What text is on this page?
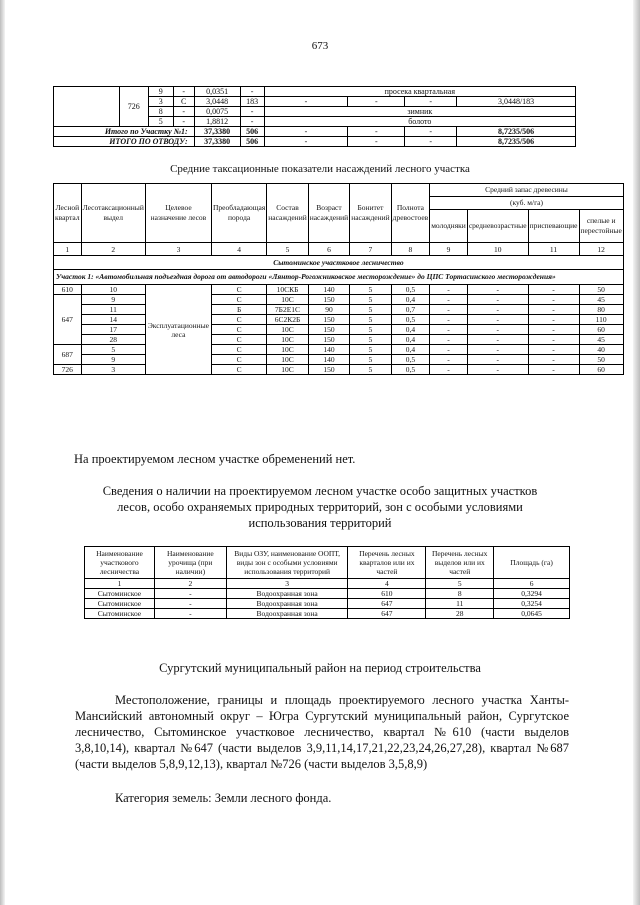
673
	726	9	-	0,0351	-	просека квартальная			
		3	С	3,0448	183	-	-	-	3,0448/183
		8	-	0,0075	-	зимник			
		5	-	1,8812	-	болото			
Итого по Участку №1:				37,3380	506	-	-	-	8,7235/506
ИТОГО ПО ОТВОДУ:				37,3380	506	-	-	-	8,7235/506
Средние таксационные показатели насаждений лесного участка
Лесной квартал	Лесотаксационный выдел	Целевое назначение лесов	Преобладающая порода	Состав насаждений	Возраст насаждений	Бонитет насаждений	Полнота древостоев	Средний запас древесины			
								(куб. м/га)			
								молодняки	средневозрастные	приспевающие	спелые и перестойные
1	2	3	4	5	6	7	8	9	10	11	12
Сытоминское участковое лесничество											
Участок 1: «Автомобильная подъездная дорога от автодороги «Лянтор-Рогожниковское месторождение» до ЦПС Тортасинского месторождения»											
610	10	Эксплуатационные леса	С	10СКБ	140	5	0,5	-	-	-	50
647	9		С	10С	150	5	0,4	-	-	-	45
	11		Б	7Б2Е1С	90	5	0,7	-	-	-	80
	14		С	6С2К2Б	150	5	0,5	-	-	-	110
	17		С	10С	150	5	0,4	-	-	-	60
	28		С	10С	150	5	0,4	-	-	-	45
687	5		С	10С	140	5	0,4	-	-	-	40
	9		С	10С	140	5	0,5	-	-	-	50
726	3		С	10С	150	5	0,5	-	-	-	60
На проектируемом лесном участке обременений нет.
Сведения о наличии на проектируемом лесном участке особо защитных участков лесов, особо охраняемых природных территорий, зон с особыми условиями использования территорий
Наименование участкового лесничества	Наименование урочища (при наличии)	Виды ОЗУ, наименование ООПТ, виды зон с особыми условиями использования территорий	Перечень лесных кварталов или их частей	Перечень лесных выделов или их частей	Площадь (га)
1	2	3	4	5	6
Сытоминское	-	Водоохранная зона	610	8	0,3294
Сытоминское	-	Водоохранная зона	647	11	0,3254
Сытоминское	-	Водоохранная зона	647	28	0,0645
Сургутский муниципальный район на период строительства
Местоположение, границы и площадь проектируемого лесного участка Ханты-Мансийский автономный округ – Югра Сургутский муниципальный район, Сургутское лесничество, Сытоминское участковое лесничество, квартал №610 (части выделов 3,8,10,14), квартал №647 (части выделов 3,9,11,14,17,21,22,23,24,26,27,28), квартал №687 (части выделов 5,8,9,12,13), квартал №726 (части выделов 3,5,8,9)
Категория земель: Земли лесного фонда.
